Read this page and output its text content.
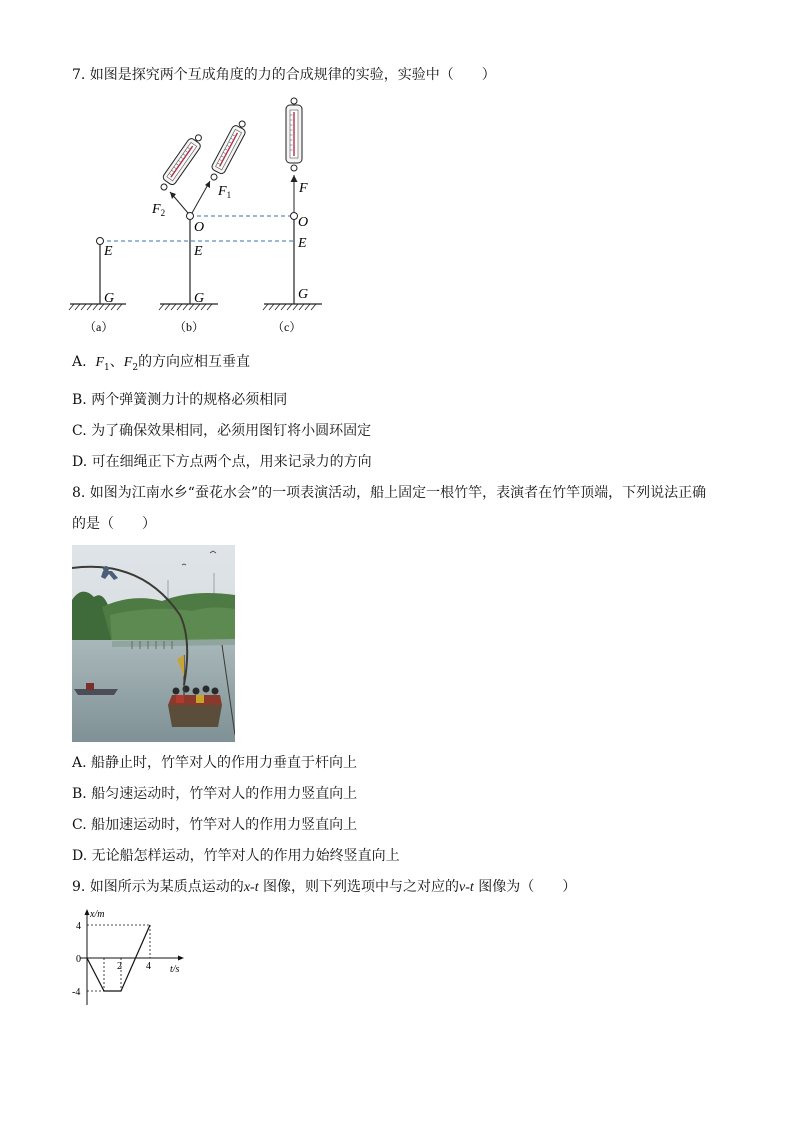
7. 如图是探究两个互成角度的力的合成规律的实验，实验中（　　）
E
G
E
O
G
$F_2$
$F_1$	F
O
E
G
（a）	（b）	（c）
A. $F_1$、$F_2$的方向应相互垂直
B. 两个弹簧测力计的规格必须相同
C. 为了确保效果相同，必须用图钉将小圆环固定
D. 可在细绳正下方点两个点，用来记录力的方向
8. 如图为江南水乡“蚕花水会”的一项表演活动，船上固定一根竹竿，表演者在竹竿顶端，下列说法正确
的是（　　）
A. 船静止时，竹竿对人的作用力垂直于杆向上
B. 船匀速运动时，竹竿对人的作用力竖直向上
C. 船加速运动时，竹竿对人的作用力竖直向上
D. 无论船怎样运动，竹竿对人的作用力始终竖直向上
9. 如图所示为某质点运动的x-t 图像，则下列选项中与之对应的v-t 图像为（　　）
x/m
t/s
4
0
-4
2 4
